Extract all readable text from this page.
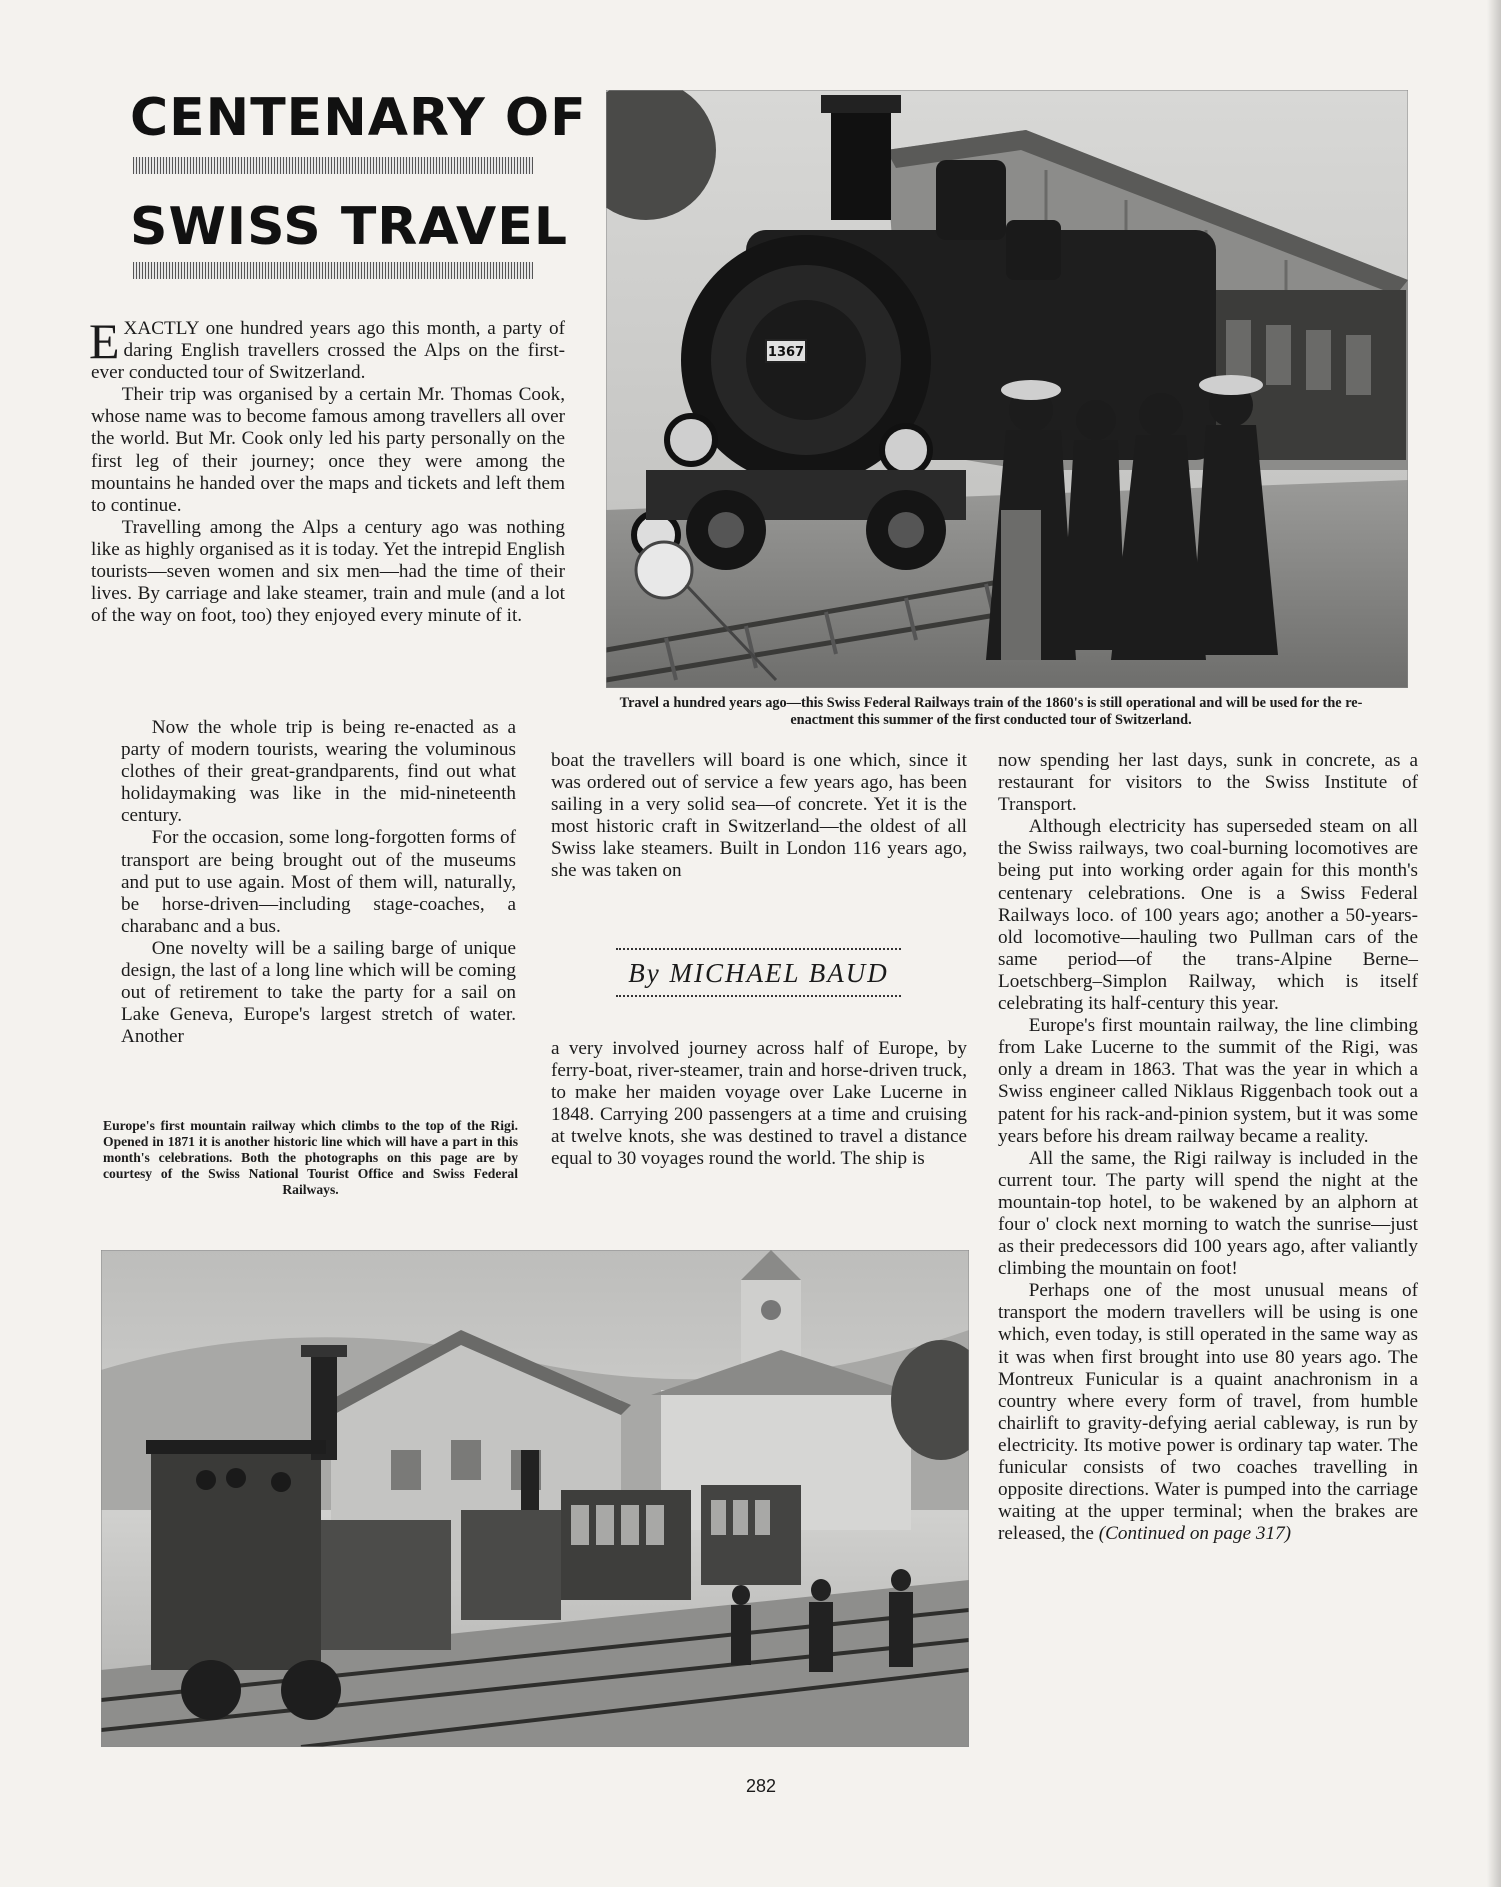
CENTENARY OF
SWISS TRAVEL
1367
Travel a hundred years ago—this Swiss Federal Railways train of the 1860's is still operational and will be used for the re-enactment this summer of the first conducted tour of Switzerland.

EXACTLY one hundred years ago this month, a party of daring English travellers crossed the Alps on the first-ever conducted tour of Switzerland.

Their trip was organised by a certain Mr. Thomas Cook, whose name was to become famous among travellers all over the world. But Mr. Cook only led his party personally on the first leg of their journey; once they were among the mountains he handed over the maps and tickets and left them to continue.

Travelling among the Alps a century ago was nothing like as highly organised as it is today. Yet the intrepid English tourists—seven women and six men—had the time of their lives. By carriage and lake steamer, train and mule (and a lot of the way on foot, too) they enjoyed every minute of it.

Now the whole trip is being re-enacted as a party of modern tourists, wearing the voluminous clothes of their great-grandparents, find out what holidaymaking was like in the mid-nineteenth century.

For the occasion, some long-forgotten forms of transport are being brought out of the museums and put to use again. Most of them will, naturally, be horse-driven—including stage-coaches, a charabanc and a bus.

One novelty will be a sailing barge of unique design, the last of a long line which will be coming out of retirement to take the party for a sail on Lake Geneva, Europe's largest stretch of water. Another

Europe's first mountain railway which climbs to the top of the Rigi. Opened in 1871 it is another historic line which will have a part in this month's celebrations. Both the photographs on this page are by courtesy of the Swiss National Tourist Office and Swiss Federal Railways.

boat the travellers will board is one which, since it was ordered out of service a few years ago, has been sailing in a very solid sea—of concrete. Yet it is the most historic craft in Switzerland—the oldest of all Swiss lake steamers. Built in London 116 years ago, she was taken on

By MICHAEL BAUD

a very involved journey across half of Europe, by ferry-boat, river-steamer, train and horse-driven truck, to make her maiden voyage over Lake Lucerne in 1848. Carrying 200 passengers at a time and cruising at twelve knots, she was destined to travel a distance equal to 30 voyages round the world. The ship is

now spending her last days, sunk in concrete, as a restaurant for visitors to the Swiss Institute of Transport.

Although electricity has superseded steam on all the Swiss railways, two coal-burning locomotives are being put into working order again for this month's centenary celebrations. One is a Swiss Federal Railways loco. of 100 years ago; another a 50-years-old locomotive—hauling two Pullman cars of the same period—of the trans-Alpine Berne–Loetschberg–Simplon Railway, which is itself celebrating its half-century this year.

Europe's first mountain railway, the line climbing from Lake Lucerne to the summit of the Rigi, was only a dream in 1863. That was the year in which a Swiss engineer called Niklaus Riggenbach took out a patent for his rack-and-pinion system, but it was some years before his dream railway became a reality.

All the same, the Rigi railway is included in the current tour. The party will spend the night at the mountain-top hotel, to be wakened by an alphorn at four o' clock next morning to watch the sunrise—just as their predecessors did 100 years ago, after valiantly climbing the mountain on foot!

Perhaps one of the most unusual means of transport the modern travellers will be using is one which, even today, is still operated in the same way as it was when first brought into use 80 years ago. The Montreux Funicular is a quaint anachronism in a country where every form of travel, from humble chairlift to gravity-defying aerial cableway, is run by electricity. Its motive power is ordinary tap water. The funicular consists of two coaches travelling in opposite directions. Water is pumped into the carriage waiting at the upper terminal; when the brakes are released, the (Continued on page 317)

282
